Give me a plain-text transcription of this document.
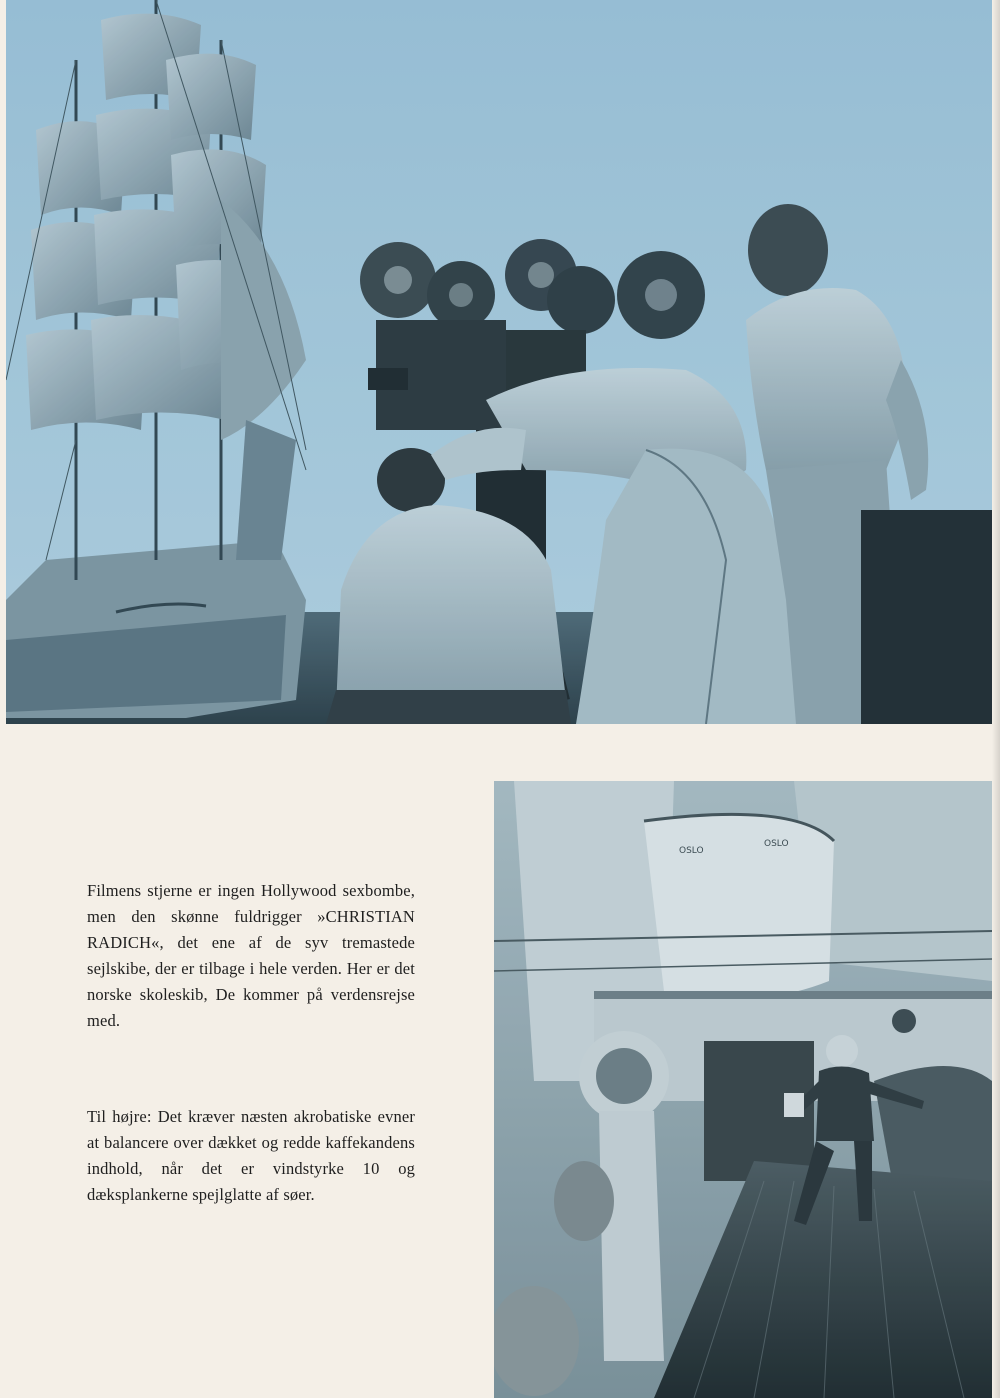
Filmens stjerne er ingen Hollywood sexbombe, men den skønne fuldrigger »CHRISTIAN RADICH«, det ene af de syv tremastede sejlskibe, der er tilbage i hele verden. Her er det norske skoleskib, De kommer på verdensrejse med.

Til højre: Det kræver næsten akrobatiske evner at balancere over dækket og redde kaffekandens indhold, når det er vindstyrke 10 og dæksplankerne spejlglatte af søer.

OSLO
OSLO
